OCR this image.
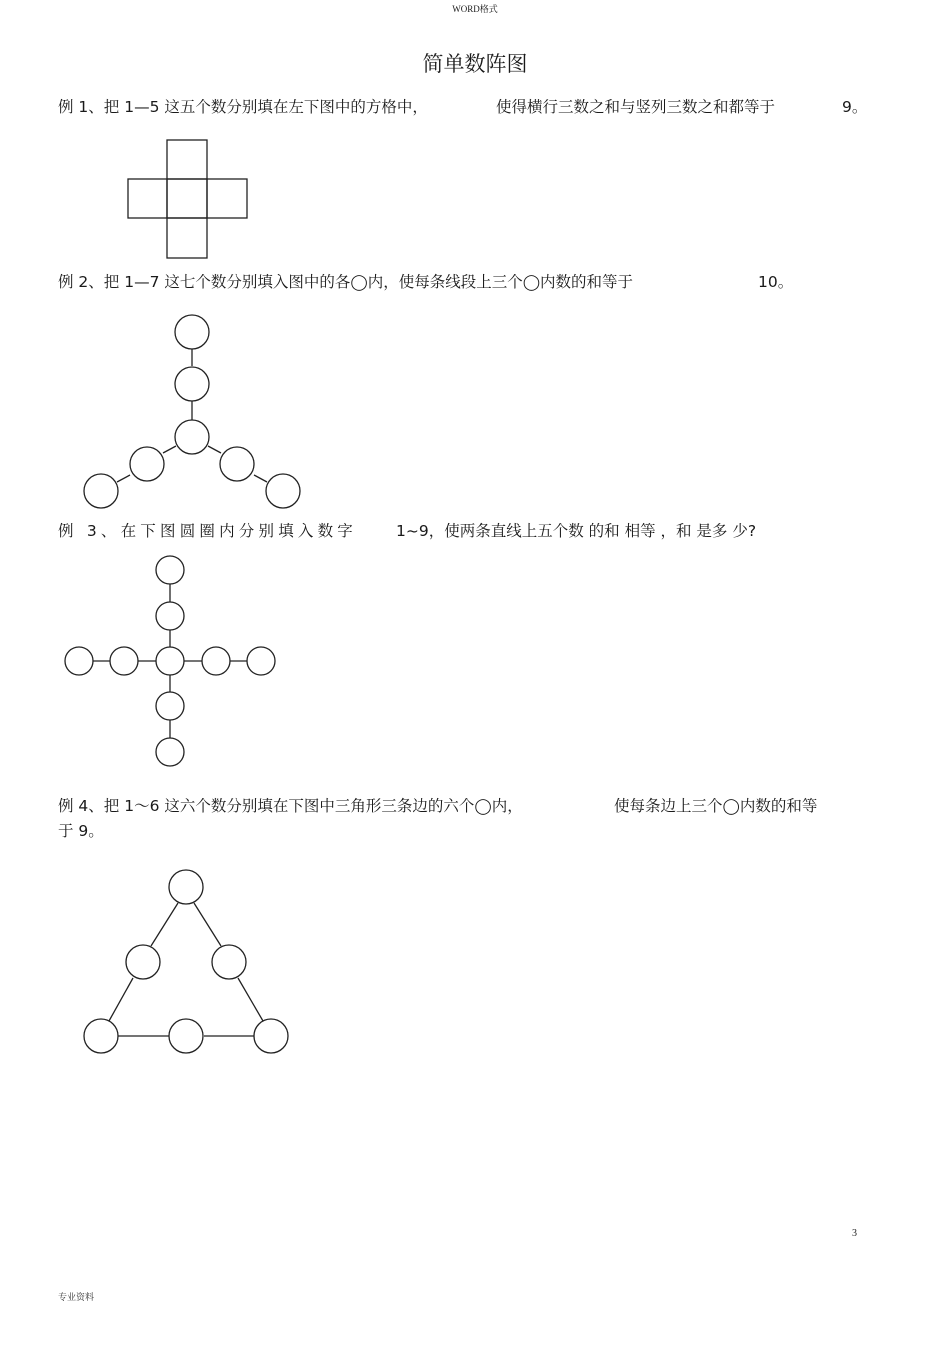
WORD格式
简单数阵图
例 1、把 1—5 这五个数分别填在左下图中的方格中，	使得横行三数之和与竖列三数之和都等于	9。
例 2、把 1—7 这七个数分别填入图中的各◯内，使每条线段上三个◯内数的和等于	10。
例 3、在下图圆圈内分别填入数字	1~9，使两条直线上五个数 的和 相等 ，和 是多 少?
例 4、把 1～6 这六个数分别填在下图中三角形三条边的六个◯内，	使每条边上三个◯内数的和等
于 9。
3
专业资料
